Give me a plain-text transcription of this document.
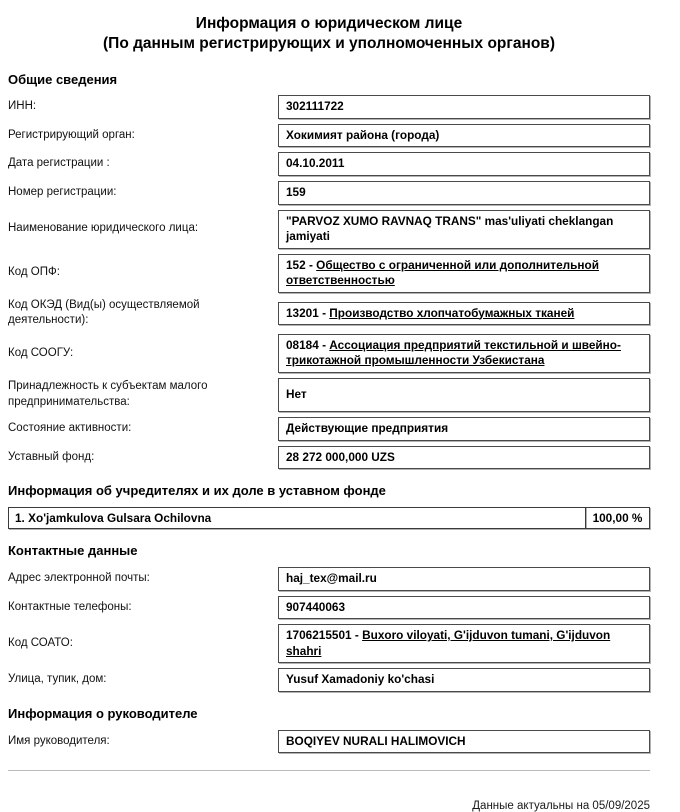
Информация о юридическом лице
(По данным регистрирующих и уполномоченных органов)
Общие сведения
ИНН:	302111722
Регистрирующий орган:	Хокимият района (города)
Дата регистрации :	04.10.2011
Номер регистрации:	159
Наименование юридического лица:
"PARVOZ XUMO RAVNAQ TRANS" mas'uliyati cheklangan jamiyati
Код ОПФ:
152 - Общество с ограниченной или дополнительной ответственностью
Код ОКЭД (Вид(ы) осуществляемой деятельности):
13201 - Производство хлопчатобумажных тканей
Код СООГУ:
08184 - Ассоциация предприятий текстильной и швейно-трикотажной промышленности Узбекистана
Принадлежность к субъектам малого предпринимательства:
Нет
Состояние активности:	Действующие предприятия
Уставный фонд:	28 272 000,000 UZS
Информация об учредителях и их доле в уставном фонде
1. Xo'jamkulova Gulsara Ochilovna	100,00 %
Контактные данные
Адрес электронной почты:	haj_tex@mail.ru
Контактные телефоны:	907440063
Код СОАТО:
1706215501 - Buxoro viloyati, G'ijduvon tumani, G'ijduvon shahri
Улица, тупик, дом:	Yusuf Xamadoniy ko'chasi
Информация о руководителе
Имя руководителя:	BOQIYEV NURALI HALIMOVICH
Данные актуальны на 05/09/2025
